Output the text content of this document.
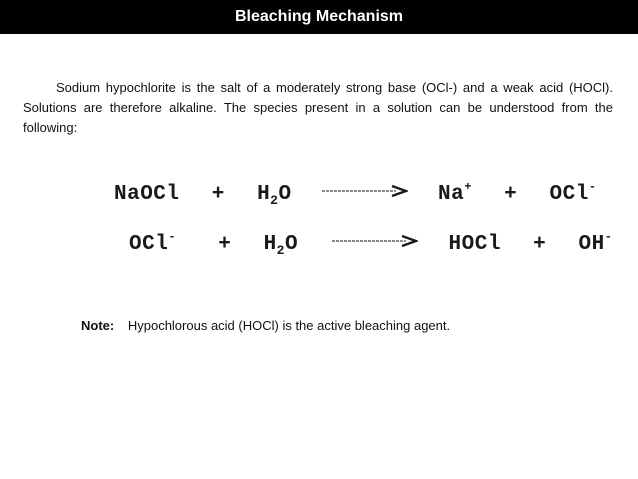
Bleaching Mechanism

Sodium hypochlorite is the salt of a moderately strong base (OCl-) and a weak acid (HOCl). Solutions are therefore alkaline. The species present in a solution can be understood from the following:

NaOCl + $H_2O$	Na+ + OCl-
$OCl^- + H_2O$	HOCl + OH-
Note: Hypochlorous acid (HOCl) is the active bleaching agent.
